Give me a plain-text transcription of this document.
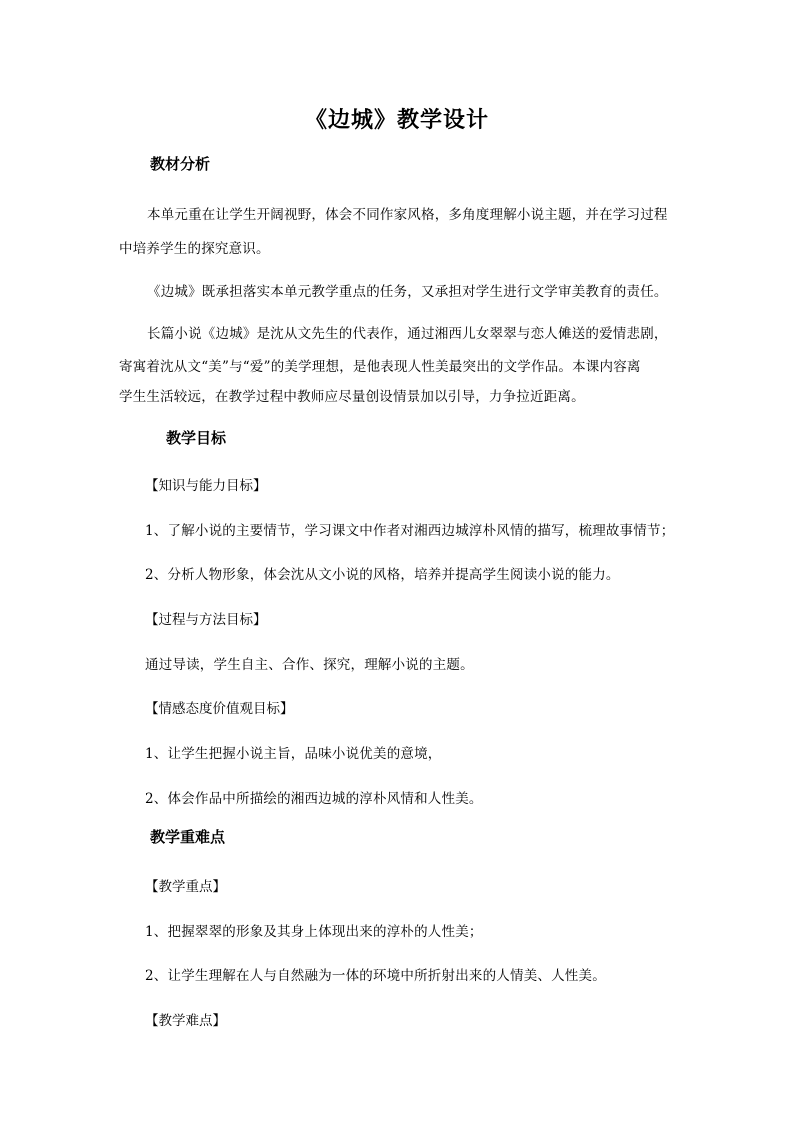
《边城》教学设计
教材分析
本单元重在让学生开阔视野，体会不同作家风格，多角度理解小说主题，并在学习过程
中培养学生的探究意识。
《边城》既承担落实本单元教学重点的任务，又承担对学生进行文学审美教育的责任。
长篇小说《边城》是沈从文先生的代表作，通过湘西儿女翠翠与恋人傩送的爱情悲剧，
寄寓着沈从文“美”与“爱”的美学理想，是他表现人性美最突出的文学作品。本课内容离
学生生活较远，在教学过程中教师应尽量创设情景加以引导，力争拉近距离。
教学目标
【知识与能力目标】
1、了解小说的主要情节，学习课文中作者对湘西边城淳朴风情的描写，梳理故事情节；
2、分析人物形象，体会沈从文小说的风格，培养并提高学生阅读小说的能力。
【过程与方法目标】
通过导读，学生自主、合作、探究，理解小说的主题。
【情感态度价值观目标】
1、让学生把握小说主旨，品味小说优美的意境，
2、体会作品中所描绘的湘西边城的淳朴风情和人性美。
教学重难点
【教学重点】
1、把握翠翠的形象及其身上体现出来的淳朴的人性美；
2、让学生理解在人与自然融为一体的环境中所折射出来的人情美、人性美。
【教学难点】
